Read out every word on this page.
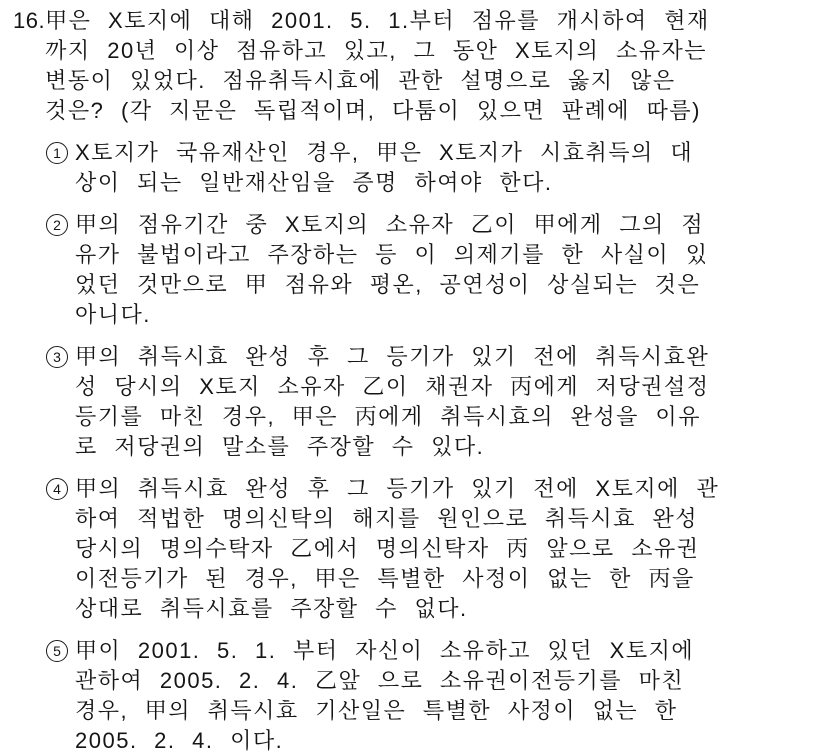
16. 甲은 X토지에 대해 2001. 5. 1.부터 점유를 개시하여 현재
까지 20년 이상 점유하고 있고, 그 동안 X토지의 소유자는
변동이 있었다. 점유취득시효에 관한 설명으로 옳지 않은
것은? (각 지문은 독립적이며, 다툼이 있으면 판례에 따름)
1 X토지가 국유재산인 경우, 甲은 X토지가 시효취득의 대
상이 되는 일반재산임을 증명 하여야 한다.
2 甲의 점유기간 중 X토지의 소유자 乙이 甲에게 그의 점
유가 불법이라고 주장하는 등 이 의제기를 한 사실이 있
었던 것만으로 甲 점유와 평온, 공연성이 상실되는 것은
아니다.
3 甲의 취득시효 완성 후 그 등기가 있기 전에 취득시효완
성 당시의 X토지 소유자 乙이 채권자 丙에게 저당권설정
등기를 마친 경우, 甲은 丙에게 취득시효의 완성을 이유
로 저당권의 말소를 주장할 수 있다.
4 甲의 취득시효 완성 후 그 등기가 있기 전에 X토지에 관
하여 적법한 명의신탁의 해지를 원인으로 취득시효 완성
당시의 명의수탁자 乙에서 명의신탁자 丙 앞으로 소유권
이전등기가 된 경우, 甲은 특별한 사정이 없는 한 丙을
상대로 취득시효를 주장할 수 없다.
5 甲이 2001. 5. 1. 부터 자신이 소유하고 있던 X토지에
관하여 2005. 2. 4. 乙앞 으로 소유권이전등기를 마친
경우, 甲의 취득시효 기산일은 특별한 사정이 없는 한
2005. 2. 4. 이다.
